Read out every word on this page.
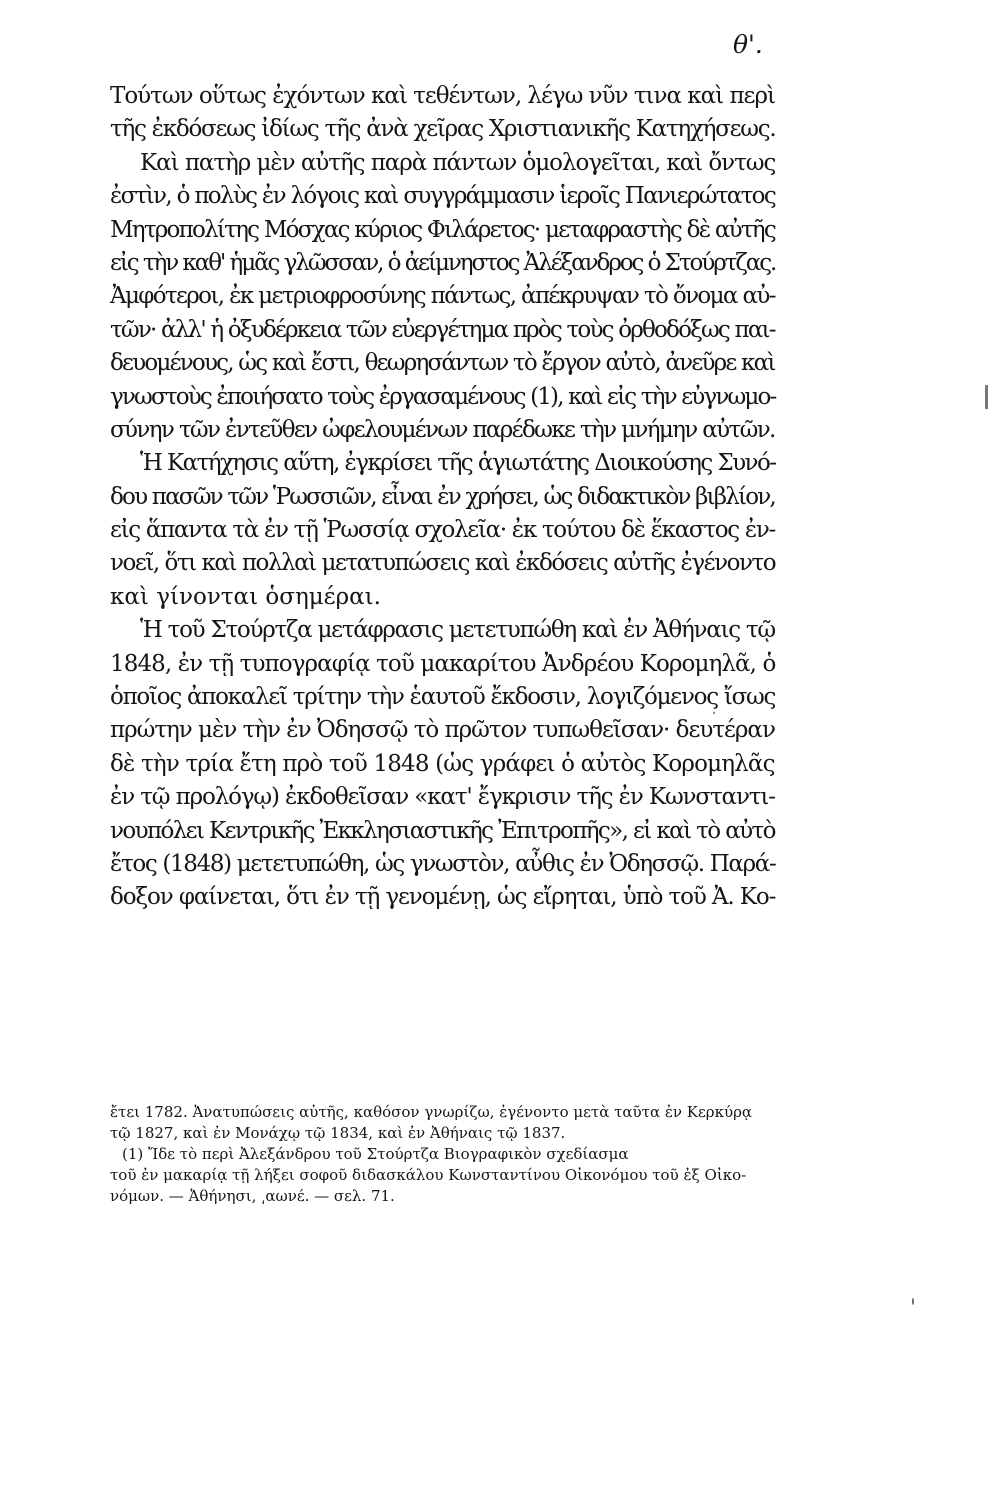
θ'.
Τούτων οὕτως ἐχόντων καὶ τεθέντων, λέγω νῦν τινα καὶ περὶ
τῆς ἐκδόσεως ἰδίως τῆς ἀνὰ χεῖρας Χριστιανικῆς Κατηχήσεως.
Καὶ πατὴρ μὲν αὐτῆς παρὰ πάντων ὁμολογεῖται, καὶ ὄντως
ἐστὶν, ὁ πολὺς ἐν λόγοις καὶ συγγράμμασιν ἱεροῖς Πανιερώτατος
Μητροπολίτης Μόσχας κύριος Φιλάρετος· μεταφραστὴς δὲ αὐτῆς
εἰς τὴν καθ' ἡμᾶς γλῶσσαν, ὁ ἀείμνηστος Ἀλέξανδρος ὁ Στούρτζας.
Ἀμφότεροι, ἐκ μετριοφροσύνης πάντως, ἀπέκρυψαν τὸ ὄνομα αὐ-
τῶν· ἀλλ' ἡ ὀξυδέρκεια τῶν εὐεργέτημα πρὸς τοὺς ὀρθοδόξως παι-
δευομένους, ὡς καὶ ἔστι, θεωρησάντων τὸ ἔργον αὐτὸ, ἀνεῦρε καὶ
γνωστοὺς ἐποιήσατο τοὺς ἐργασαμένους (1), καὶ εἰς τὴν εὐγνωμο-
σύνην τῶν ἐντεῦθεν ὠφελουμένων παρέδωκε τὴν μνήμην αὐτῶν.
Ἡ Κατήχησις αὕτη, ἐγκρίσει τῆς ἁγιωτάτης Διοικούσης Συνό-
δου πασῶν τῶν Ῥωσσιῶν, εἶναι ἐν χρήσει, ὡς διδακτικὸν βιβλίον,
εἰς ἅπαντα τὰ ἐν τῇ Ῥωσσίᾳ σχολεῖα· ἐκ τούτου δὲ ἕκαστος ἐν-
νοεῖ, ὅτι καὶ πολλαὶ μετατυπώσεις καὶ ἐκδόσεις αὐτῆς ἐγένοντο
καὶ γίνονται ὁσημέραι.
Ἡ τοῦ Στούρτζα μετάφρασις μετετυπώθη καὶ ἐν Ἀθήναις τῷ
1848, ἐν τῇ τυπογραφίᾳ τοῦ μακαρίτου Ἀνδρέου Κορομηλᾶ, ὁ
ὁποῖος ἀποκαλεῖ τρίτην τὴν ἑαυτοῦ ἔκδοσιν, λογιζόμενος ἴσως
πρώτην μὲν τὴν ἐν Ὀδησσῷ τὸ πρῶτον τυπωθεῖσαν· δευτέραν
δὲ τὴν τρία ἔτη πρὸ τοῦ 1848 (ὡς γράφει ὁ αὐτὸς Κορομηλᾶς
ἐν τῷ προλόγῳ) ἐκδοθεῖσαν «κατ' ἔγκρισιν τῆς ἐν Κωνσταντι-
νουπόλει Κεντρικῆς Ἐκκλησιαστικῆς Ἐπιτροπῆς», εἰ καὶ τὸ αὐτὸ
ἔτος (1848) μετετυπώθη, ὡς γνωστὸν, αὖθις ἐν Ὀδησσῷ. Παρά-
δοξον φαίνεται, ὅτι ἐν τῇ γενομένῃ, ὡς εἴρηται, ὑπὸ τοῦ Ἀ. Κο-
ἔτει 1782. Ἀνατυπώσεις αὐτῆς, καθόσον γνωρίζω, ἐγένοντο μετὰ ταῦτα ἐν Κερκύρᾳ
τῷ 1827, καὶ ἐν Μονάχῳ τῷ 1834, καὶ ἐν Ἀθήναις τῷ 1837.
(1) Ἴδε τὸ περὶ Ἀλεξάνδρου τοῦ Στούρτζα Βιογραφικὸν σχεδίασμα
τοῦ ἐν μακαρίᾳ τῇ λήξει σοφοῦ διδασκάλου Κωνσταντίνου Οἰκονόμου τοῦ ἐξ Οἰκο-
νόμων. — Ἀθήνησι, ͵αωνέ. — σελ. 71.
